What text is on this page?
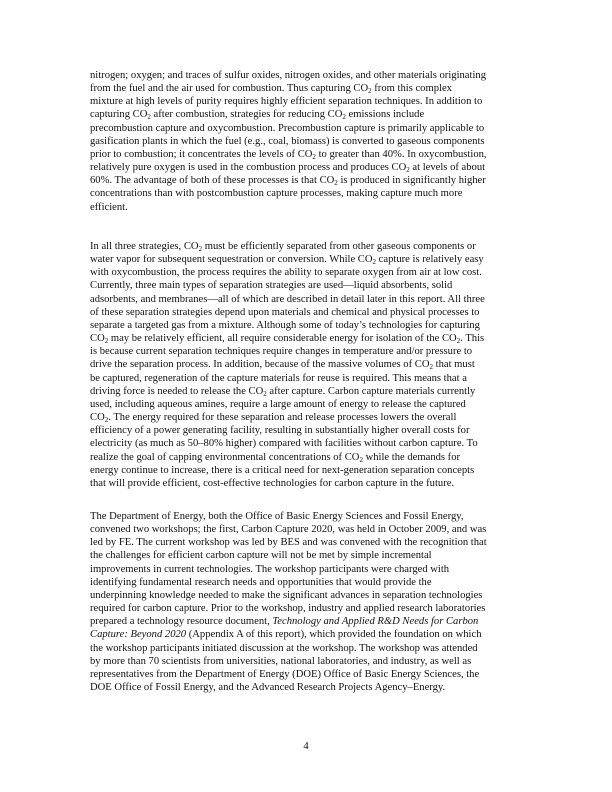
nitrogen; oxygen; and traces of sulfur oxides, nitrogen oxides, and other materials originating
from the fuel and the air used for combustion. Thus capturing $CO_2$ from this complex
mixture at high levels of purity requires highly efficient separation techniques. In addition to
capturing $CO_2$ after combustion, strategies for reducing $CO_2$ emissions include
precombustion capture and oxycombustion. Precombustion capture is primarily applicable to
gasification plants in which the fuel (e.g., coal, biomass) is converted to gaseous components
prior to combustion; it concentrates the levels of $CO_2$ to greater than 40%. In oxycombustion,
relatively pure oxygen is used in the combustion process and produces $CO_2$ at levels of about
60%. The advantage of both of these processes is that $CO_2$ is produced in significantly higher
concentrations than with postcombustion capture processes, making capture much more
efficient.

In all three strategies, $CO_2$ must be efficiently separated from other gaseous components or
water vapor for subsequent sequestration or conversion. While $CO_2$ capture is relatively easy
with oxycombustion, the process requires the ability to separate oxygen from air at low cost.
Currently, three main types of separation strategies are used—liquid absorbents, solid
adsorbents, and membranes—all of which are described in detail later in this report. All three
of these separation strategies depend upon materials and chemical and physical processes to
separate a targeted gas from a mixture. Although some of today’s technologies for capturing
$CO_2$ may be relatively efficient, all require considerable energy for isolation of the $CO_2$. This
is because current separation techniques require changes in temperature and/or pressure to
drive the separation process. In addition, because of the massive volumes of $CO_2$ that must
be captured, regeneration of the capture materials for reuse is required. This means that a
driving force is needed to release the $CO_2$ after capture. Carbon capture materials currently
used, including aqueous amines, require a large amount of energy to release the captured
$CO_2$. The energy required for these separation and release processes lowers the overall
efficiency of a power generating facility, resulting in substantially higher overall costs for
electricity (as much as 50–80% higher) compared with facilities without carbon capture. To
realize the goal of capping environmental concentrations of $CO_2$ while the demands for
energy continue to increase, there is a critical need for next-generation separation concepts
that will provide efficient, cost-effective technologies for carbon capture in the future.

The Department of Energy, both the Office of Basic Energy Sciences and Fossil Energy,
convened two workshops; the first, Carbon Capture 2020, was held in October 2009, and was
led by FE. The current workshop was led by BES and was convened with the recognition that
the challenges for efficient carbon capture will not be met by simple incremental
improvements in current technologies. The workshop participants were charged with
identifying fundamental research needs and opportunities that would provide the
underpinning knowledge needed to make the significant advances in separation technologies
required for carbon capture. Prior to the workshop, industry and applied research laboratories
prepared a technology resource document, Technology and Applied R&D Needs for Carbon
Capture: Beyond 2020 (Appendix A of this report), which provided the foundation on which
the workshop participants initiated discussion at the workshop. The workshop was attended
by more than 70 scientists from universities, national laboratories, and industry, as well as
representatives from the Department of Energy (DOE) Office of Basic Energy Sciences, the
DOE Office of Fossil Energy, and the Advanced Research Projects Agency–Energy.

4
